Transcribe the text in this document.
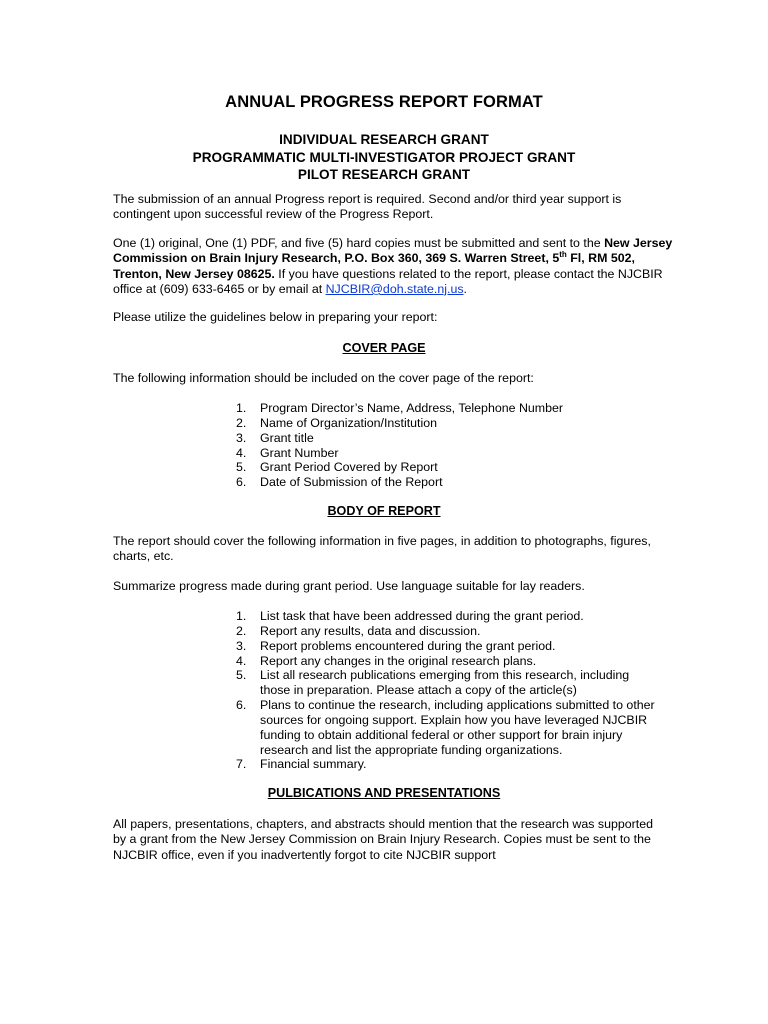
ANNUAL PROGRESS REPORT FORMAT
INDIVIDUAL RESEARCH GRANT
PROGRAMMATIC MULTI-INVESTIGATOR PROJECT GRANT
PILOT RESEARCH GRANT

The submission of an annual Progress report is required. Second and/or third year support is contingent upon successful review of the Progress Report.

One (1) original, One (1) PDF, and five (5) hard copies must be submitted and sent to the New Jersey Commission on Brain Injury Research, P.O. Box 360, 369 S. Warren Street, 5th Fl, RM 502, Trenton, New Jersey 08625. If you have questions related to the report, please contact the NJCBIR office at (609) 633-6465 or by email at NJCBIR@doh.state.nj.us.

Please utilize the guidelines below in preparing your report:

COVER PAGE

The following information should be included on the cover page of the report:

1. Program Director’s Name, Address, Telephone Number
2. Name of Organization/Institution
3. Grant title
4. Grant Number
5. Grant Period Covered by Report
6. Date of Submission of the Report
BODY OF REPORT

The report should cover the following information in five pages, in addition to photographs, figures, charts, etc.

Summarize progress made during grant period. Use language suitable for lay readers.

1. List task that have been addressed during the grant period.
2. Report any results, data and discussion.
3. Report problems encountered during the grant period.
4. Report any changes in the original research plans.
5. List all research publications emerging from this research, including those in preparation. Please attach a copy of the article(s)
6. Plans to continue the research, including applications submitted to other sources for ongoing support. Explain how you have leveraged NJCBIR funding to obtain additional federal or other support for brain injury research and list the appropriate funding organizations.
7. Financial summary.
PULBICATIONS AND PRESENTATIONS

All papers, presentations, chapters, and abstracts should mention that the research was supported by a grant from the New Jersey Commission on Brain Injury Research. Copies must be sent to the NJCBIR office, even if you inadvertently forgot to cite NJCBIR support
